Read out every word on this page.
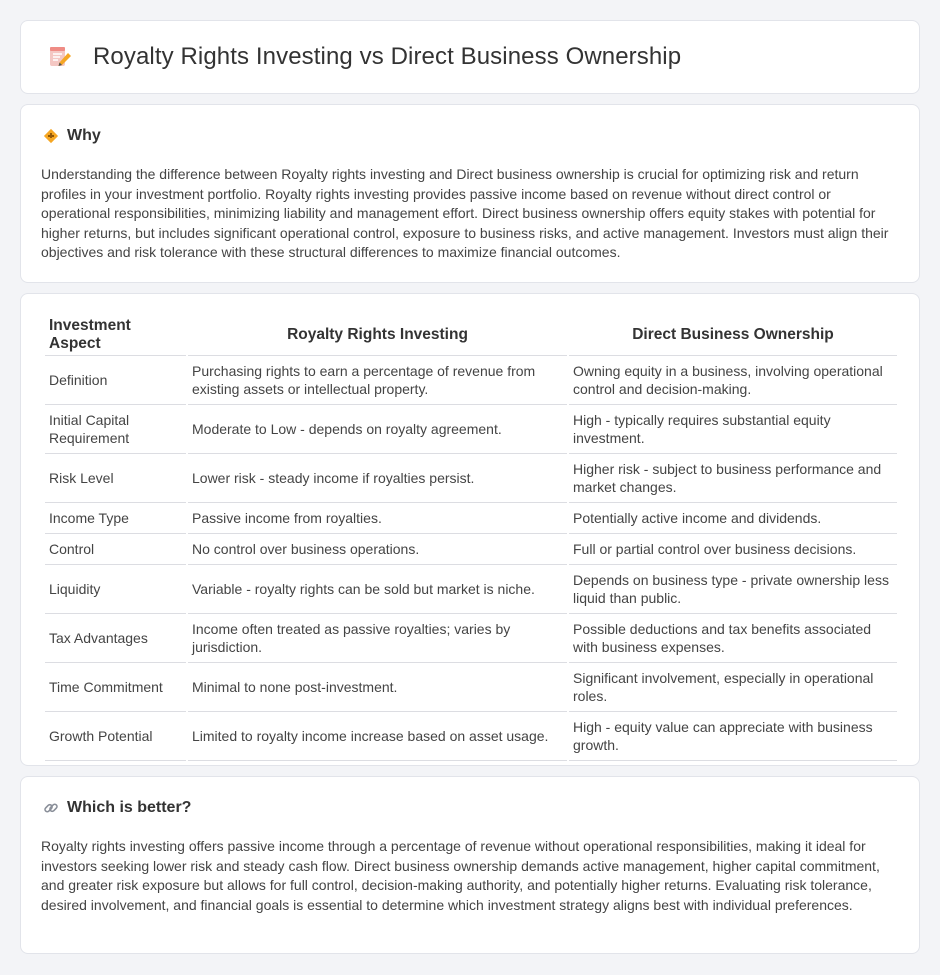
Royalty Rights Investing vs Direct Business Ownership
Why

Understanding the difference between Royalty rights investing and Direct business ownership is crucial for optimizing risk and return profiles in your investment portfolio. Royalty rights investing provides passive income based on revenue without direct control or operational responsibilities, minimizing liability and management effort. Direct business ownership offers equity stakes with potential for higher returns, but includes significant operational control, exposure to business risks, and active management. Investors must align their objectives and risk tolerance with these structural differences to maximize financial outcomes.

Investment Aspect	Royalty Rights Investing	Direct Business Ownership
Definition	Purchasing rights to earn a percentage of revenue from existing assets or intellectual property.	Owning equity in a business, involving operational control and decision-making.
Initial Capital Requirement	Moderate to Low - depends on royalty agreement.	High - typically requires substantial equity investment.
Risk Level	Lower risk - steady income if royalties persist.	Higher risk - subject to business performance and market changes.
Income Type	Passive income from royalties.	Potentially active income and dividends.
Control	No control over business operations.	Full or partial control over business decisions.
Liquidity	Variable - royalty rights can be sold but market is niche.	Depends on business type - private ownership less liquid than public.
Tax Advantages	Income often treated as passive royalties; varies by jurisdiction.	Possible deductions and tax benefits associated with business expenses.
Time Commitment	Minimal to none post-investment.	Significant involvement, especially in operational roles.
Growth Potential	Limited to royalty income increase based on asset usage.	High - equity value can appreciate with business growth.
Which is better?

Royalty rights investing offers passive income through a percentage of revenue without operational responsibilities, making it ideal for investors seeking lower risk and steady cash flow. Direct business ownership demands active management, higher capital commitment, and greater risk exposure but allows for full control, decision-making authority, and potentially higher returns. Evaluating risk tolerance, desired involvement, and financial goals is essential to determine which investment strategy aligns best with individual preferences.
